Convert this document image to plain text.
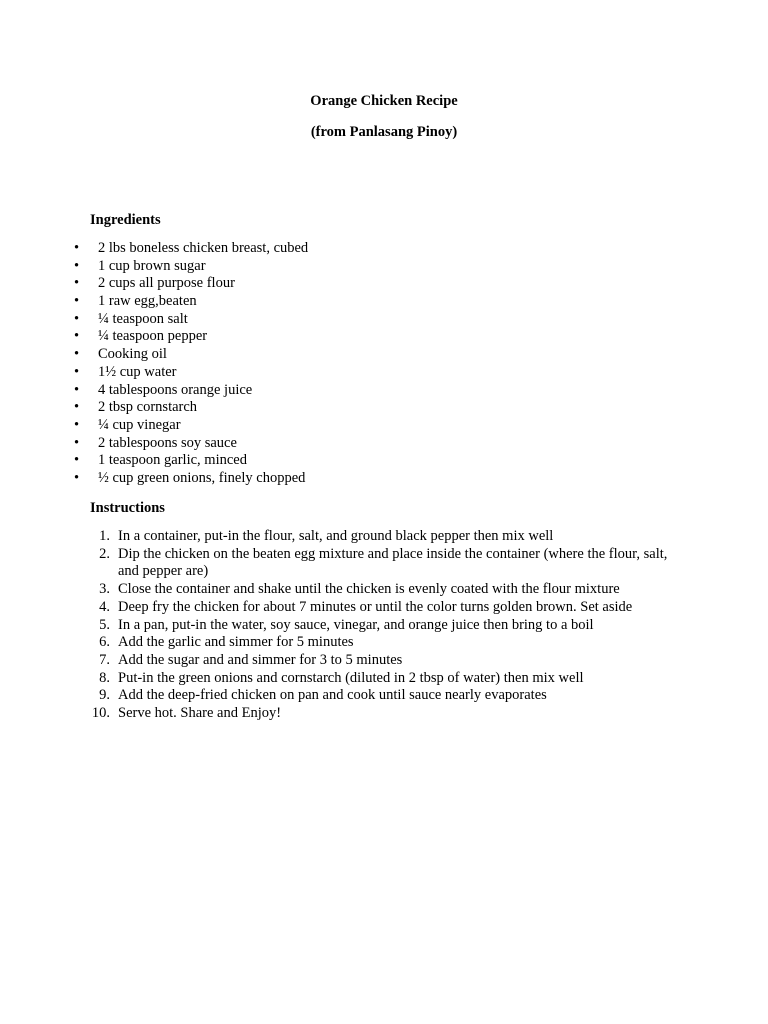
Orange Chicken Recipe

(from Panlasang Pinoy)

Ingredients

• 2 lbs boneless chicken breast, cubed
• 1 cup brown sugar
• 2 cups all purpose flour
• 1 raw egg,beaten
• ¼ teaspoon salt
• ¼ teaspoon pepper
• Cooking oil
• 1½ cup water
• 4 tablespoons orange juice
• 2 tbsp cornstarch
• ¼ cup vinegar
• 2 tablespoons soy sauce
• 1 teaspoon garlic, minced
• ½ cup green onions, finely chopped

Instructions

1. In a container, put-in the flour, salt, and ground black pepper then mix well
2. Dip the chicken on the beaten egg mixture and place inside the container (where the flour, salt, and pepper are)
3. Close the container and shake until the chicken is evenly coated with the flour mixture
4. Deep fry the chicken for about 7 minutes or until the color turns golden brown. Set aside
5. In a pan, put-in the water, soy sauce, vinegar, and orange juice then bring to a boil
6. Add the garlic and simmer for 5 minutes
7. Add the sugar and and simmer for 3 to 5 minutes
8. Put-in the green onions and cornstarch (diluted in 2 tbsp of water) then mix well
9. Add the deep-fried chicken on pan and cook until sauce nearly evaporates
10. Serve hot. Share and Enjoy!
